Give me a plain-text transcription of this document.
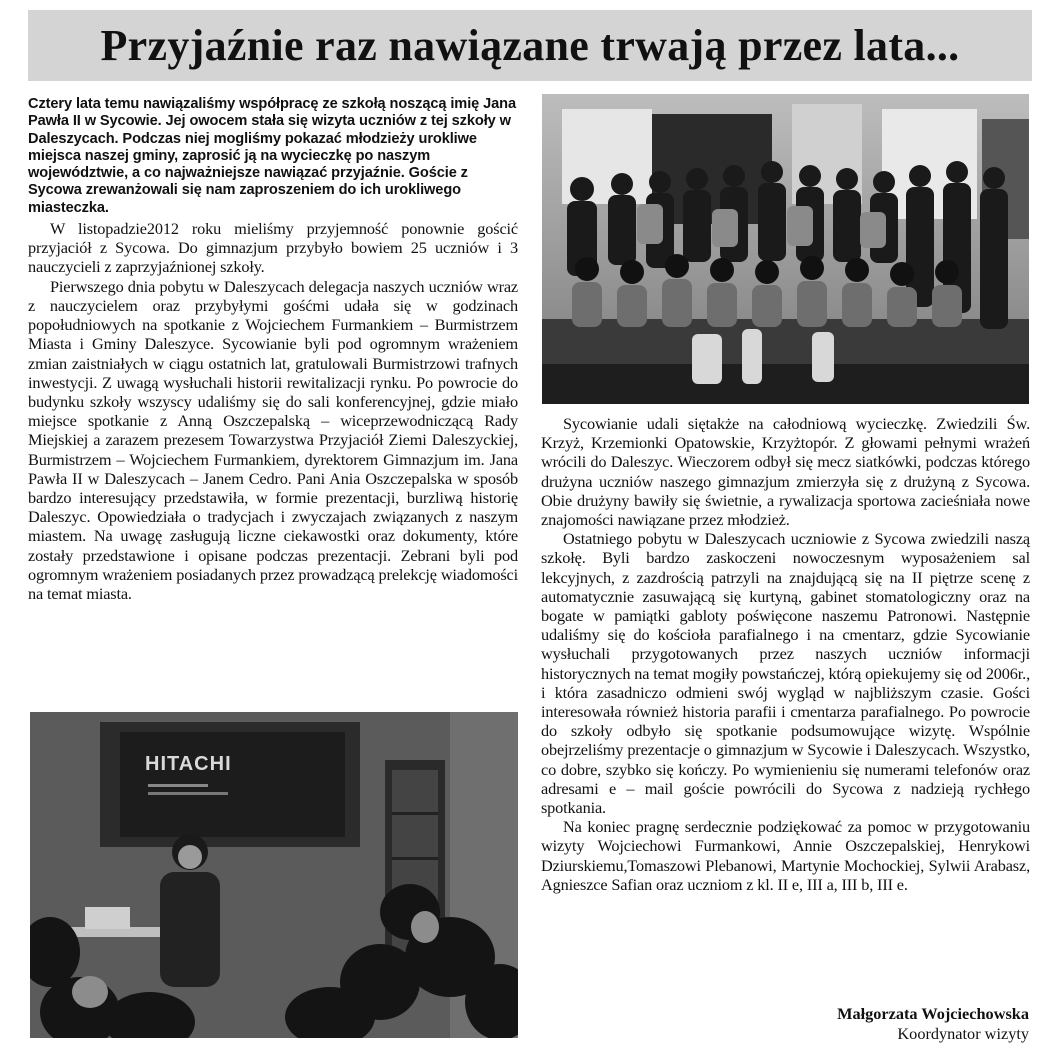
Przyjaźnie raz nawiązane trwają przez lata...

Cztery lata temu nawiązaliśmy współpracę ze szkołą noszącą imię Jana Pawła II w Sycowie. Jej owocem stała się wizyta uczniów z tej szkoły w Daleszycach. Podczas niej mogliśmy pokazać młodzieży urokliwe miejsca naszej gminy, zaprosić ją na wycieczkę po naszym województwie, a co najważniejsze nawiązać przyjaźnie. Goście z Sycowa zrewanżowali się nam zaproszeniem do ich urokliwego miasteczka.

W listopadzie2012 roku mieliśmy przyjemność ponownie gościć przyjaciół z Sycowa. Do gimnazjum przybyło bowiem 25 uczniów i 3 nauczycieli z zaprzyjaźnionej szkoły.

Pierwszego dnia pobytu w Daleszycach delegacja naszych uczniów wraz z nauczycielem oraz przybyłymi gośćmi udała się w godzinach popołudniowych na spotkanie z Wojciechem Furmankiem – Burmistrzem Miasta i Gminy Daleszyce. Sycowianie byli pod ogromnym wrażeniem zmian zaistniałych w ciągu ostatnich lat, gratulowali Burmistrzowi trafnych inwestycji. Z uwagą wysłuchali historii rewitalizacji rynku. Po powrocie do budynku szkoły wszyscy udaliśmy się do sali konferencyjnej, gdzie miało miejsce spotkanie z Anną Oszczepalską – wiceprzewodniczącą Rady Miejskiej a zarazem prezesem Towarzystwa Przyjaciół Ziemi Daleszyckiej, Burmistrzem – Wojciechem Furmankiem, dyrektorem Gimnazjum im. Jana Pawła II w Daleszycach – Janem Cedro. Pani Ania Oszczepalska w sposób bardzo interesujący przedstawiła, w formie prezentacji, burzliwą historię Daleszyc. Opowiedziała o tradycjach i zwyczajach związanych z naszym miastem. Na uwagę zasługują liczne ciekawostki oraz dokumenty, które zostały przedstawione i opisane podczas prezentacji. Zebrani byli pod ogromnym wrażeniem posiadanych przez prowadzącą prelekcję wiadomości na temat miasta.

Sycowianie udali siętakże na całodniową wycieczkę. Zwiedzili Św. Krzyż, Krzemionki Opatowskie, Krzyżtopór. Z głowami pełnymi wrażeń wrócili do Daleszyc. Wieczorem odbył się mecz siatkówki, podczas którego drużyna uczniów naszego gimnazjum zmierzyła się z drużyną z Sycowa. Obie drużyny bawiły się świetnie, a rywalizacja sportowa zacieśniała nowe znajomości nawiązane przez młodzież.

Ostatniego pobytu w Daleszycach uczniowie z Sycowa zwiedzili naszą szkołę. Byli bardzo zaskoczeni nowoczesnym wyposażeniem sal lekcyjnych, z zazdrością patrzyli na znajdującą się na II piętrze scenę z automatycznie zasuwającą się kurtyną, gabinet stomatologiczny oraz na bogate w pamiątki gabloty poświęcone naszemu Patronowi. Następnie udaliśmy się do kościoła parafialnego i na cmentarz, gdzie Sycowianie wysłuchali przygotowanych przez naszych uczniów informacji historycznych na temat mogiły powstańczej, którą opiekujemy się od 2006r., i która zasadniczo odmieni swój wygląd w najbliższym czasie. Gości interesowała również historia parafii i cmentarza parafialnego. Po powrocie do szkoły odbyło się spotkanie podsumowujące wizytę. Wspólnie obejrzeliśmy prezentacje o gimnazjum w Sycowie i Daleszycach. Wszystko, co dobre, szybko się kończy. Po wymienieniu się numerami telefonów oraz adresami e – mail goście powrócili do Sycowa z nadzieją rychłego spotkania.

Na koniec pragnę serdecznie podziękować za pomoc w przygotowaniu wizyty Wojciechowi Furmankowi, Annie Oszczepalskiej, Henrykowi Dziurskiemu,Tomaszowi Plebanowi, Martynie Mochockiej, Sylwii Arabasz, Agnieszce Safian oraz uczniom z kl. II e, III a, III b, III e.

HITACHI
Małgorzata Wojciechowska
Koordynator wizyty
